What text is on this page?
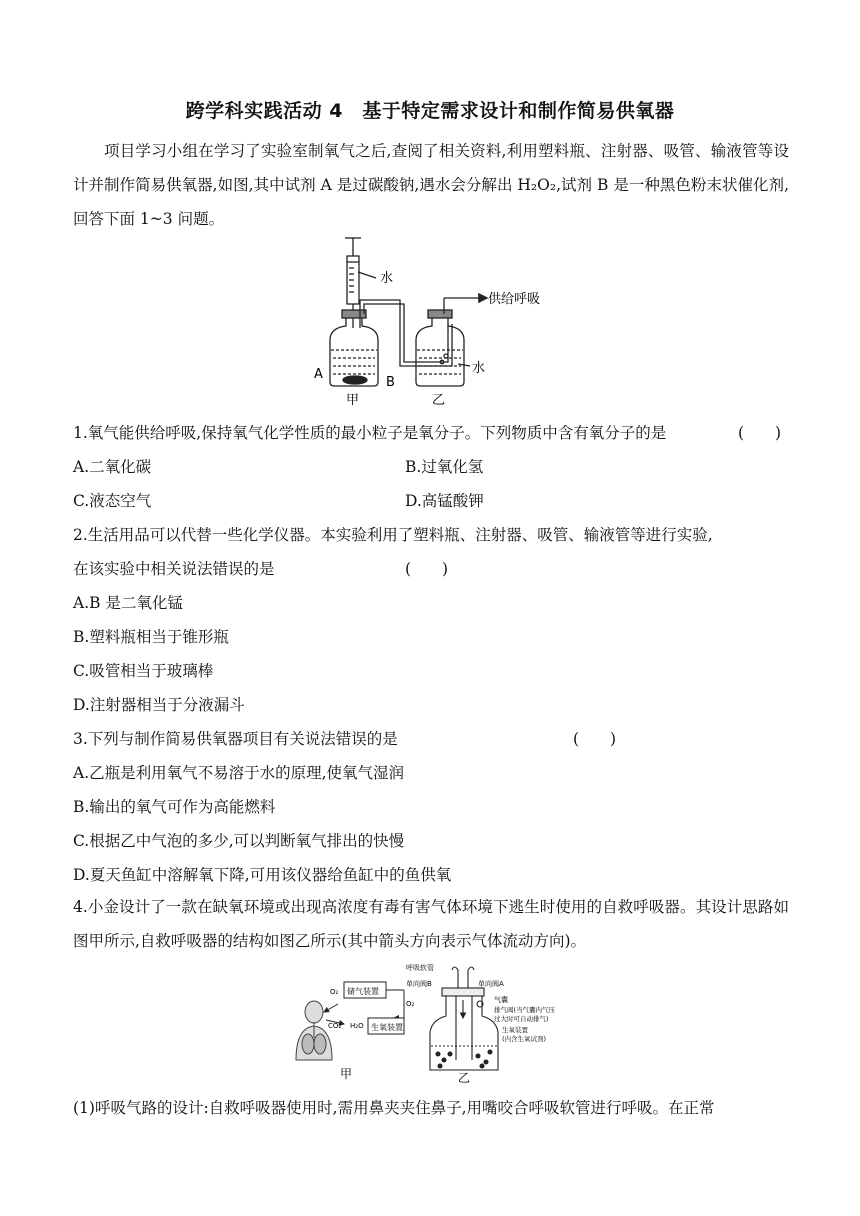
跨学科实践活动 4　基于特定需求设计和制作简易供氧器
项目学习小组在学习了实验室制氧气之后,查阅了相关资料,利用塑料瓶、注射器、吸管、输液管等设计并制作简易供氧器,如图,其中试剂 A 是过碳酸钠,遇水会分解出 H₂O₂,试剂 B 是一种黑色粉末状催化剂,回答下面 1~3 问题。
水
供给呼吸
水
A
B
甲	乙
1.氧气能供给呼吸,保持氧气化学性质的最小粒子是氧分子。下列物质中含有氧分子的是	(　　)
A.二氧化碳	B.过氧化氢
C.液态空气	D.高锰酸钾
2.生活用品可以代替一些化学仪器。本实验利用了塑料瓶、注射器、吸管、输液管等进行实验,
在该实验中相关说法错误的是	(　　)
A.B 是二氧化锰
B.塑料瓶相当于锥形瓶
C.吸管相当于玻璃棒
D.注射器相当于分液漏斗
3.下列与制作简易供氧器项目有关说法错误的是	(　　)
A.乙瓶是利用氧气不易溶于水的原理,使氧气湿润
B.输出的氧气可作为高能燃料
C.根据乙中气泡的多少,可以判断氧气排出的快慢
D.夏天鱼缸中溶解氧下降,可用该仪器给鱼缸中的鱼供氧
4.小金设计了一款在缺氧环境或出现高浓度有毒有害气体环境下逃生时使用的自救呼吸器。其设计思路如图甲所示,自救呼吸器的结构如图乙所示(其中箭头方向表示气体流动方向)。
O₂ 储气装置
CO₂ H₂O
O₂
生氧装置
呼吸软管
单向阀B	单向阀A
气囊
排气阀(当气囊内气压
过大时可自动排气)
生氧装置
(内含生氧试剂)
甲	乙
(1)呼吸气路的设计:自救呼吸器使用时,需用鼻夹夹住鼻子,用嘴咬合呼吸软管进行呼吸。在正常
